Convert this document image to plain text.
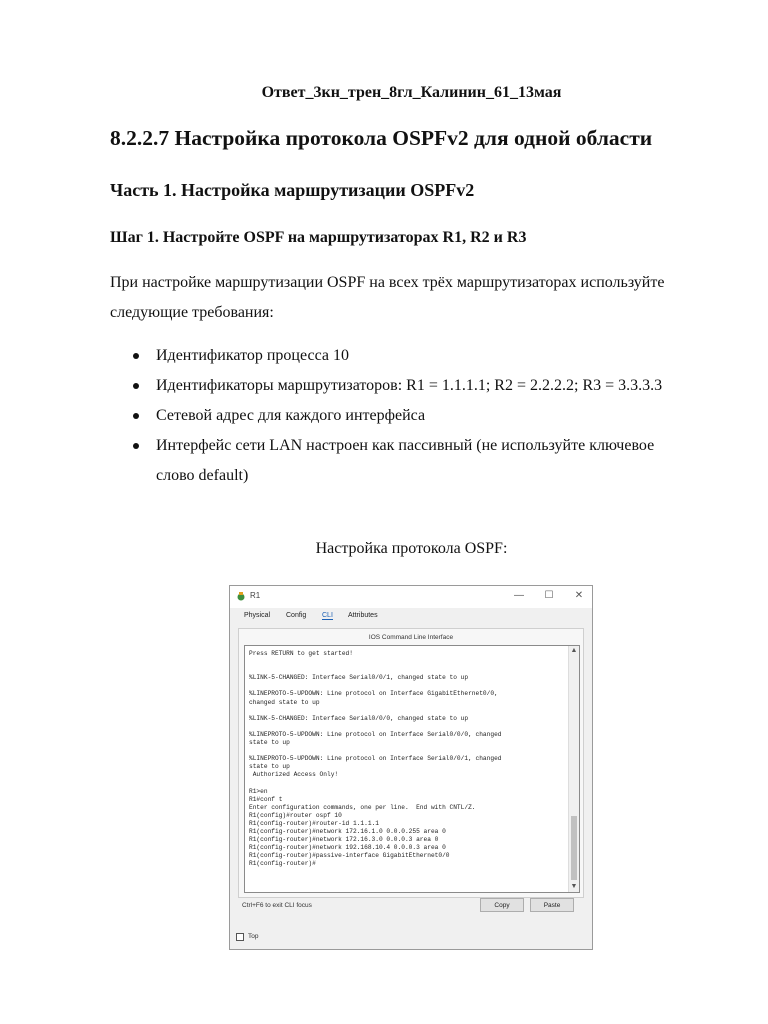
Ответ_3кн_трен_8гл_Калинин_61_13мая
8.2.2.7 Настройка протокола OSPFv2 для одной области
Часть 1. Настройка маршрутизации OSPFv2
Шаг 1. Настройте OSPF на маршрутизаторах R1, R2 и R3
При настройке маршрутизации OSPF на всех трёх маршрутизаторах используйте следующие требования:
Идентификатор процесса 10
Идентификаторы маршрутизаторов: R1 = 1.1.1.1; R2 = 2.2.2.2; R3 = 3.3.3.3
Сетевой адрес для каждого интерфейса
Интерфейс сети LAN настроен как пассивный (не используйте ключевое слово default)
Настройка протокола OSPF:
R1	— ☐ ✕
Physical Config CLI Attributes
IOS Command Line Interface
Press RETURN to get started!

%LINK-5-CHANGED: Interface Serial0/0/1, changed state to up

%LINEPROTO-5-UPDOWN: Line protocol on Interface GigabitEthernet0/0,
changed state to up

%LINK-5-CHANGED: Interface Serial0/0/0, changed state to up

%LINEPROTO-5-UPDOWN: Line protocol on Interface Serial0/0/0, changed
state to up

%LINEPROTO-5-UPDOWN: Line protocol on Interface Serial0/0/1, changed
state to up
Authorized Access Only!

R1>en
R1#conf t
Enter configuration commands, one per line.  End with CNTL/Z.
R1(config)#router ospf 10
R1(config-router)#router-id 1.1.1.1
R1(config-router)#network 172.16.1.0 0.0.0.255 area 0
R1(config-router)#network 172.16.3.0 0.0.0.3 area 0
R1(config-router)#network 192.168.10.4 0.0.0.3 area 0
R1(config-router)#passive-interface GigabitEthernet0/0
R1(config-router)#
▲
▼
Ctrl+F6 to exit CLI focus	Copy	Paste
Top
